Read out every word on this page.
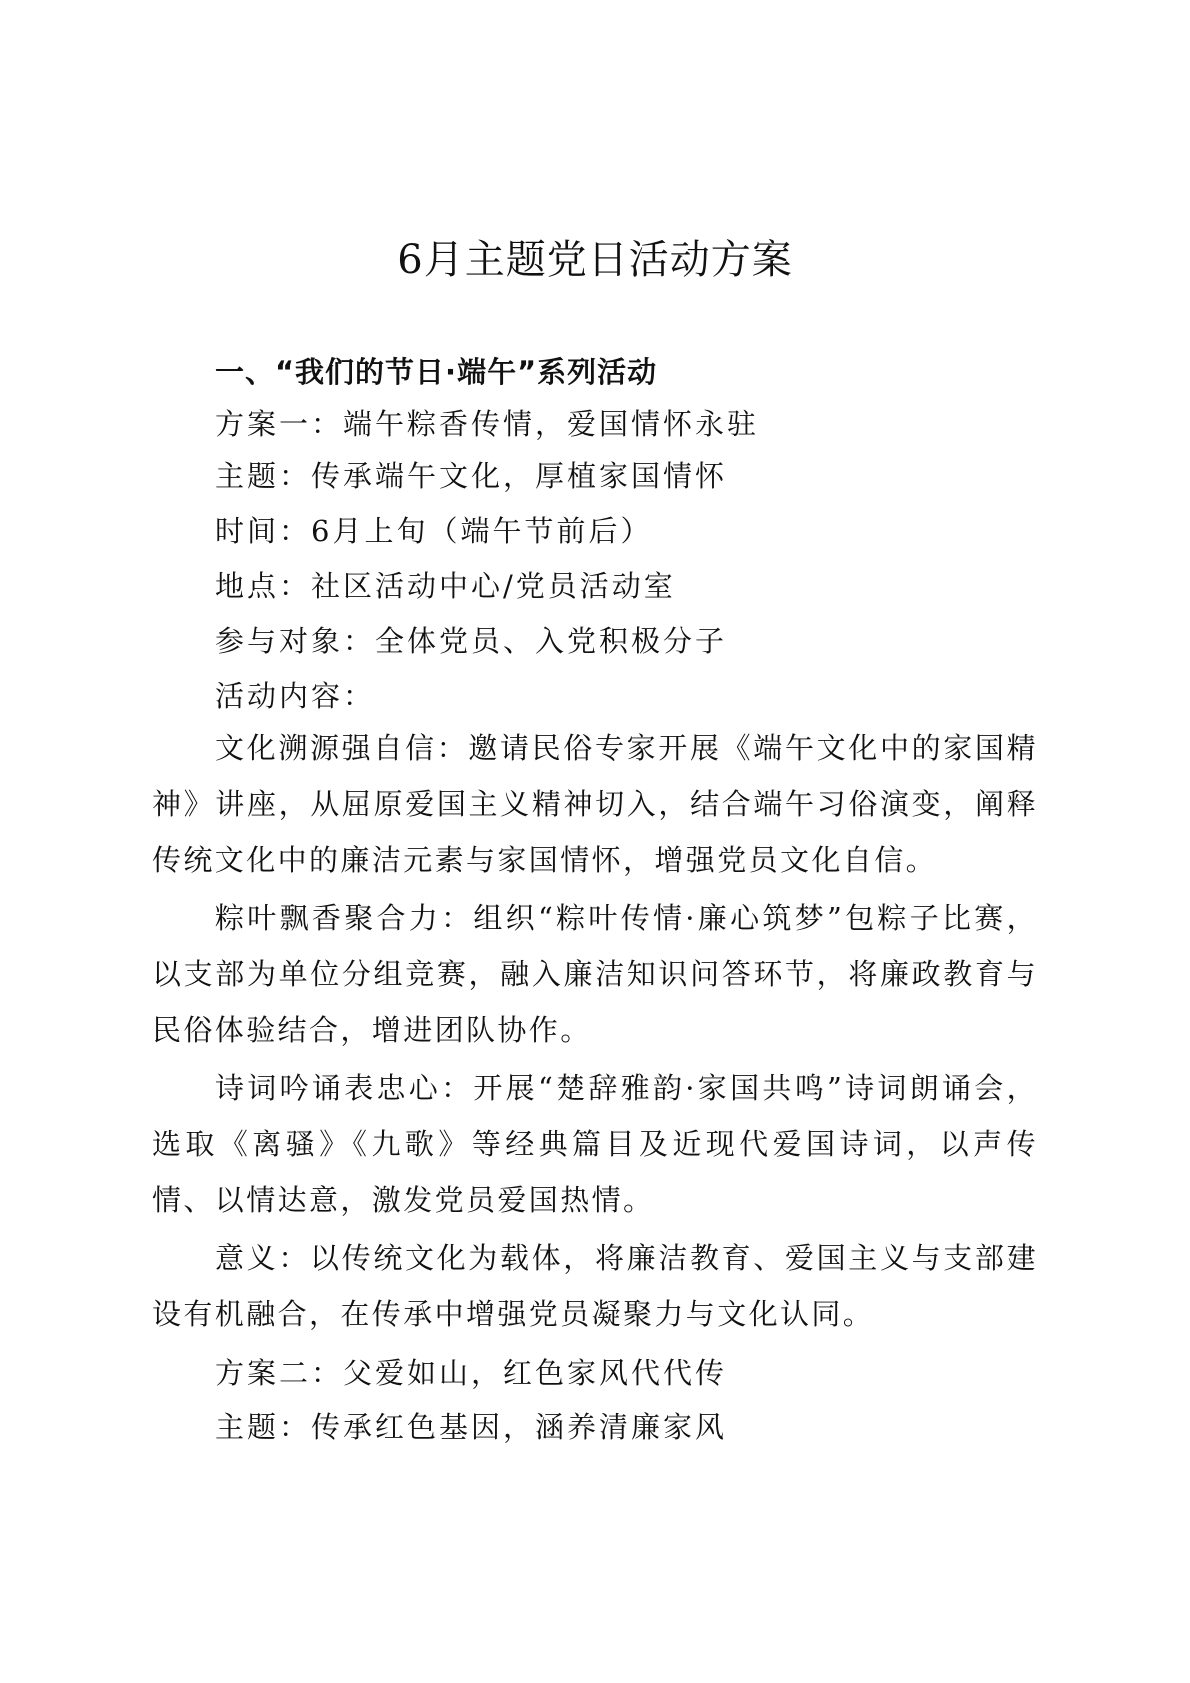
6月主题党日活动方案
一、“我们的节日·端午”系列活动

方案一：端午粽香传情，爱国情怀永驻

主题：传承端午文化，厚植家国情怀

时间：6月上旬（端午节前后）

地点：社区活动中心/党员活动室

参与对象：全体党员、入党积极分子

活动内容：

文化溯源强自信：邀请民俗专家开展《端午文化中的家国精神》讲座，从屈原爱国主义精神切入，结合端午习俗演变，阐释传统文化中的廉洁元素与家国情怀，增强党员文化自信。

粽叶飘香聚合力：组织“粽叶传情·廉心筑梦”包粽子比赛，以支部为单位分组竞赛，融入廉洁知识问答环节，将廉政教育与民俗体验结合，增进团队协作。

诗词吟诵表忠心：开展“楚辞雅韵·家国共鸣”诗词朗诵会，选取《离骚》《九歌》等经典篇目及近现代爱国诗词，以声传情、以情达意，激发党员爱国热情。

意义：以传统文化为载体，将廉洁教育、爱国主义与支部建设有机融合，在传承中增强党员凝聚力与文化认同。

方案二：父爱如山，红色家风代代传

主题：传承红色基因，涵养清廉家风
